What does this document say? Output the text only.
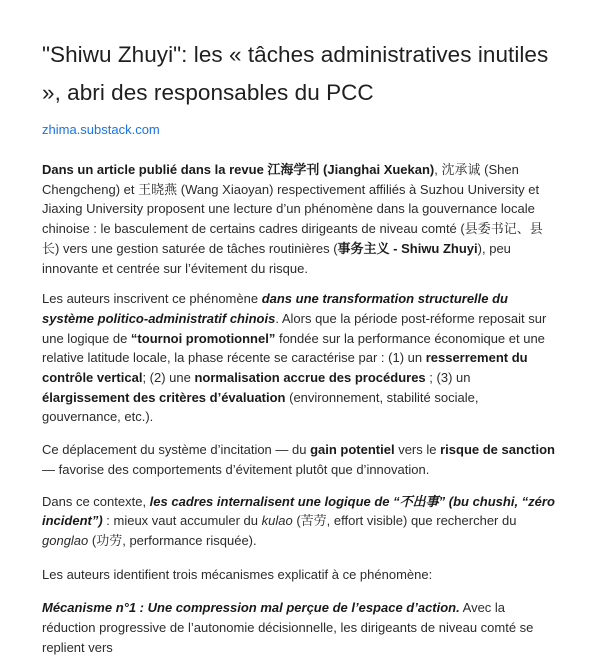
"Shiwu Zhuyi": les « tâches administratives inutiles », abri des responsables du PCC
zhima.substack.com

Dans un article publié dans la revue 江海学刊 (Jianghai Xuekan), 沈承诚 (Shen Chengcheng) et 王晓燕 (Wang Xiaoyan) respectivement affiliés à Suzhou University et Jiaxing University proposent une lecture d’un phénomène dans la gouvernance locale chinoise : le basculement de certains cadres dirigeants de niveau comté (县委书记、县长) vers une gestion saturée de tâches routinières (事务主义 - Shiwu Zhuyi), peu innovante et centrée sur l’évitement du risque.

Les auteurs inscrivent ce phénomène dans une transformation structurelle du système politico-administratif chinois. Alors que la période post-réforme reposait sur une logique de “tournoi promotionnel” fondée sur la performance économique et une relative latitude locale, la phase récente se caractérise par : (1) un resserrement du contrôle vertical; (2) une normalisation accrue des procédures ; (3) un élargissement des critères d’évaluation (environnement, stabilité sociale, gouvernance, etc.).

Ce déplacement du système d’incitation — du gain potentiel vers le risque de sanction — favorise des comportements d’évitement plutôt que d’innovation.

Dans ce contexte, les cadres internalisent une logique de “不出事” (bu chushi, “zéro incident”) : mieux vaut accumuler du kulao (苦劳, effort visible) que rechercher du gonglao (功劳, performance risquée).

Les auteurs identifient trois mécanismes explicatif à ce phénomène:

Mécanisme n°1 : Une compression mal perçue de l’espace d’action. Avec la réduction progressive de l’autonomie décisionnelle, les dirigeants de niveau comté se replient vers
